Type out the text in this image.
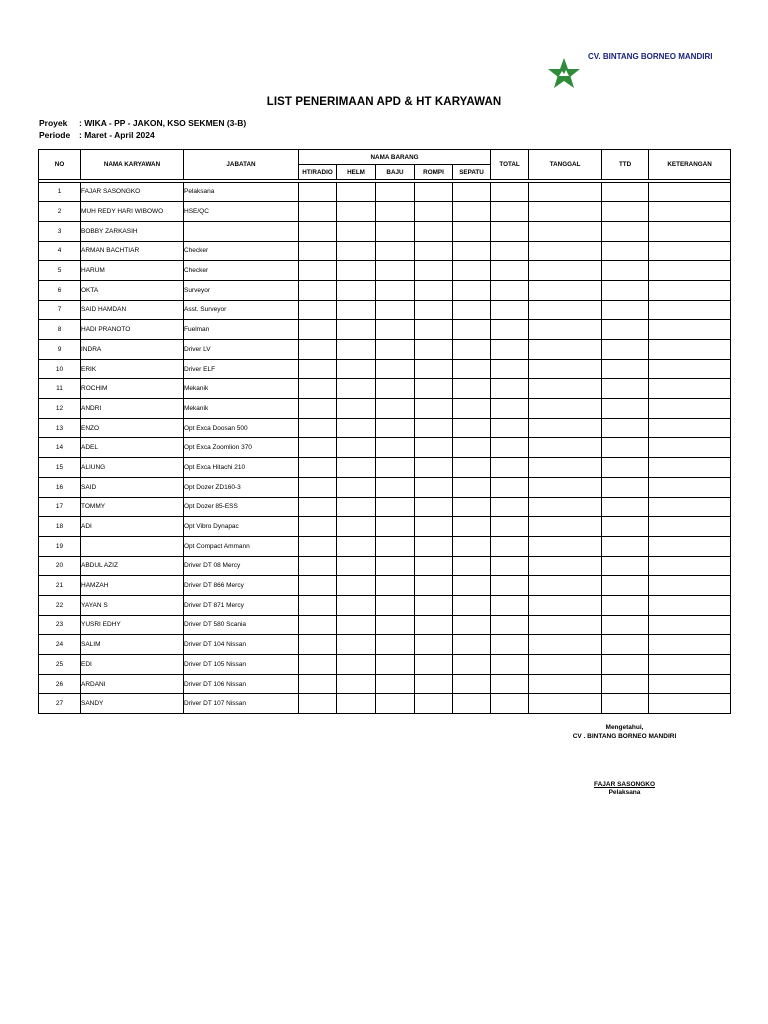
CV. BINTANG BORNEO MANDIRI
LIST PENERIMAAN APD & HT KARYAWAN
Proyek : WIKA - PP - JAKON, KSO SEKMEN (3-B)
Periode : Maret - April 2024
NO	NAMA KARYAWAN	JABATAN	NAMA BARANG					TOTAL	TANGGAL	TTD	KETERANGAN
			HT/RADIO	HELM	BAJU	ROMPI	SEPATU				

1	FAJAR SASONGKO	Pelaksana									
2	MUH REDY HARI WIBOWO	HSE/QC									
3	BOBBY ZARKASIH										
4	ARMAN BACHTIAR	Checker									
5	HARUM	Checker									
6	OKTA	Surveyor									
7	SAID HAMDAN	Asst. Surveyor									
8	HADI PRANOTO	Fuelman									
9	INDRA	Driver LV									
10	ERIK	Driver ELF									
11	ROCHIM	Mekanik									
12	ANDRI	Mekanik									
13	ENZO	Opt Exca Doosan 500									
14	ADEL	Opt Exca Zoomlion 370									
15	ALIUNG	Opt Exca Hitachi 210									
16	SAID	Opt Dozer ZD160-3									
17	TOMMY	Opt Dozer 85-ESS									
18	ADI	Opt Vibro Dynapac									
19		Opt Compact Ammann									
20	ABDUL AZIZ	Driver DT 08 Mercy									
21	HAMZAH	Driver DT 866 Mercy									
22	YAYAN S	Driver DT 871 Mercy									
23	YUSRI EDHY	Driver DT 580 Scania									
24	SALIM	Driver DT 104 Nissan									
25	EDI	Driver DT 105 Nissan									
26	ARDANI	Driver DT 106 Nissan									
27	SANDY	Driver DT 107 Nissan									
Mengetahui,
CV . BINTANG BORNEO MANDIRI
FAJAR SASONGKO
Pelaksana
